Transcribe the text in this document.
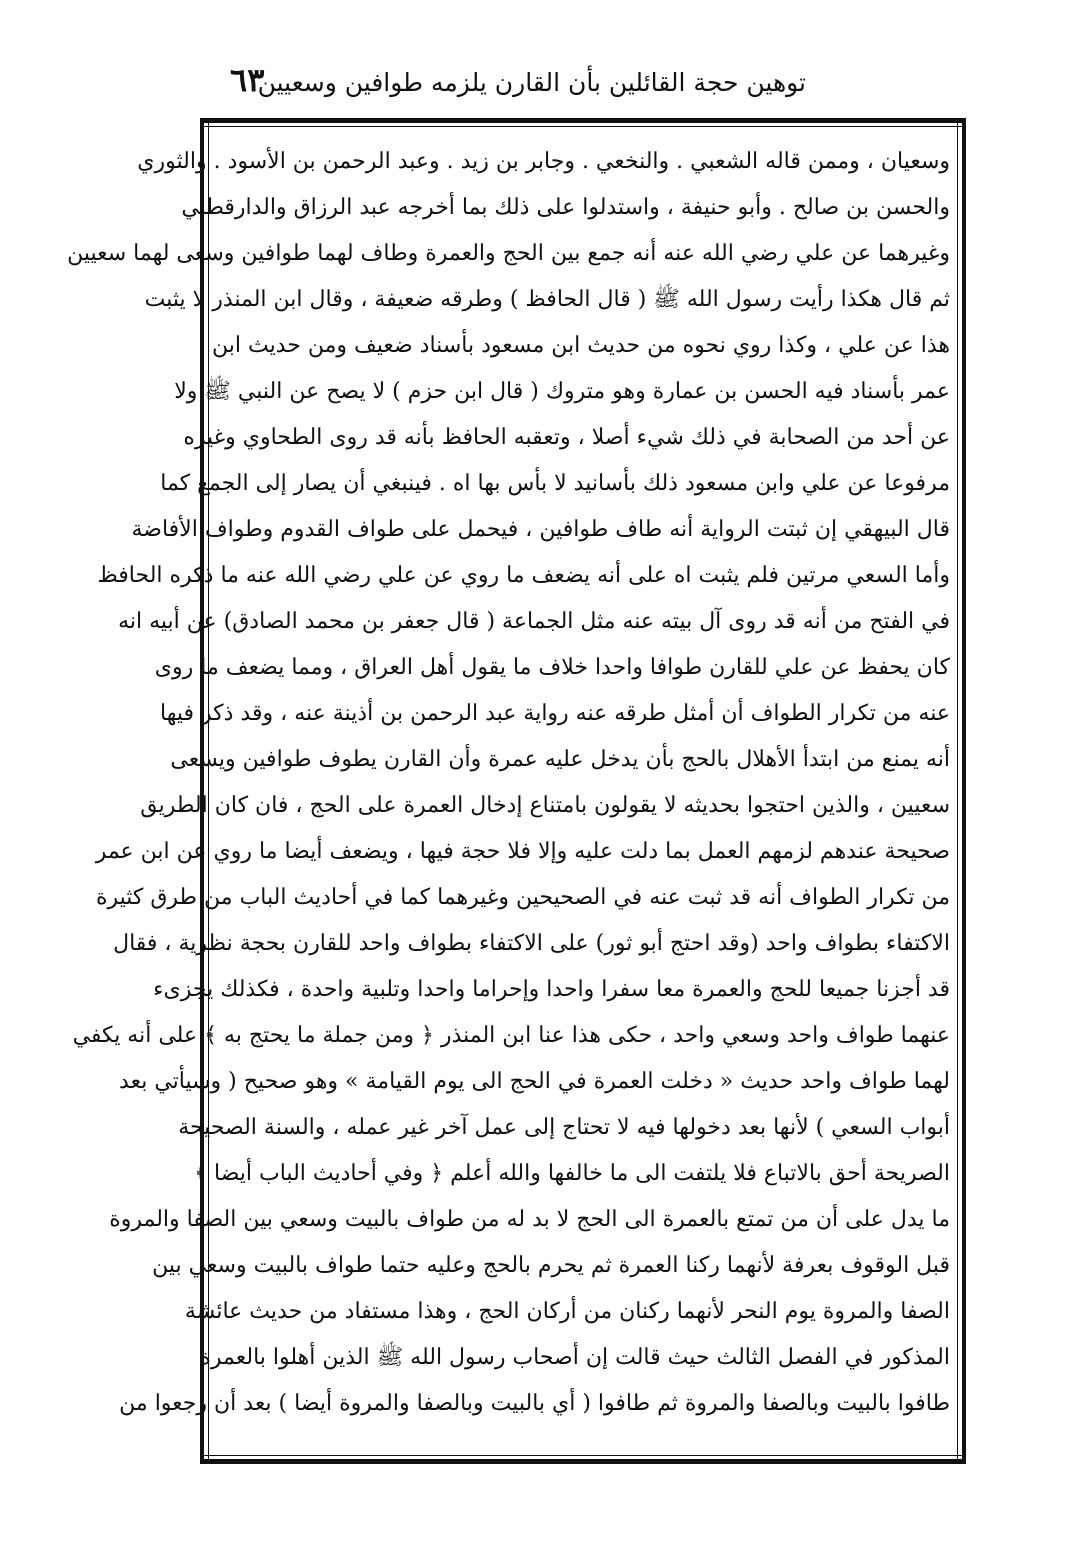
توهين حجة القائلين بأن القارن يلزمه طوافين وسعيين
٦٣
وسعيان ، وممن قاله الشعبي . والنخعي . وجابر بن زيد . وعبد الرحمن بن الأسود . والثوري
والحسن بن صالح . وأبو حنيفة ، واستدلوا على ذلك بما أخرجه عبد الرزاق والدارقطني
وغيرهما عن علي رضي الله عنه أنه جمع بين الحج والعمرة وطاف لهما طوافين وسعى لهما سعيين
ثم قال هكذا رأيت رسول الله ﷺ ( قال الحافظ ) وطرقه ضعيفة ، وقال ابن المنذر لا يثبت
هذا عن علي ، وكذا روي نحوه من حديث ابن مسعود بأسناد ضعيف ومن حديث ابن
عمر بأسناد فيه الحسن بن عمارة وهو متروك ( قال ابن حزم ) لا يصح عن النبي ﷺ ولا
عن أحد من الصحابة في ذلك شيء أصلا ، وتعقبه الحافظ بأنه قد روى الطحاوي وغيره
مرفوعا عن علي وابن مسعود ذلك بأسانيد لا بأس بها اه . فينبغي أن يصار إلى الجمع كما
قال البيهقي إن ثبتت الرواية أنه طاف طوافين ، فيحمل على طواف القدوم وطواف الأفاضة
وأما السعي مرتين فلم يثبت اه على أنه يضعف ما روي عن علي رضي الله عنه ما ذكره الحافظ
في الفتح من أنه قد روى آل بيته عنه مثل الجماعة ( قال جعفر بن محمد الصادق) عن أبيه انه
كان يحفظ عن علي للقارن طوافا واحدا خلاف ما يقول أهل العراق ، ومما يضعف ما روى
عنه من تكرار الطواف أن أمثل طرقه عنه رواية عبد الرحمن بن أذينة عنه ، وقد ذكر فيها
أنه يمنع من ابتدأ الأهلال بالحج بأن يدخل عليه عمرة وأن القارن يطوف طوافين ويسعى
سعيين ، والذين احتجوا بحديثه لا يقولون بامتناع إدخال العمرة على الحج ، فان كان الطريق
صحيحة عندهم لزمهم العمل بما دلت عليه وإلا فلا حجة فيها ، ويضعف أيضا ما روي عن ابن عمر
من تكرار الطواف أنه قد ثبت عنه في الصحيحين وغيرهما كما في أحاديث الباب من طرق كثيرة
الاكتفاء بطواف واحد (وقد احتج أبو ثور) على الاكتفاء بطواف واحد للقارن بحجة نظرية ، فقال
قد أجزنا جميعا للحج والعمرة معا سفرا واحدا وإحراما واحدا وتلبية واحدة ، فكذلك يجزىء
عنهما طواف واحد وسعي واحد ، حكى هذا عنا ابن المنذر ﴿ ومن جملة ما يحتج به ﴾ على أنه يكفي
لهما طواف واحد حديث « دخلت العمرة في الحج الى يوم القيامة » وهو صحيح ( وسيأتي بعد
أبواب السعي ) لأنها بعد دخولها فيه لا تحتاج إلى عمل آخر غير عمله ، والسنة الصحيحة
الصريحة أحق بالاتباع فلا يلتفت الى ما خالفها والله أعلم ﴿ وفي أحاديث الباب أيضا ﴾
ما يدل على أن من تمتع بالعمرة الى الحج لا بد له من طواف بالبيت وسعي بين الصفا والمروة
قبل الوقوف بعرفة لأنهما ركنا العمرة ثم يحرم بالحج وعليه حتما طواف بالبيت وسعي بين
الصفا والمروة يوم النحر لأنهما ركنان من أركان الحج ، وهذا مستفاد من حديث عائشة
المذكور في الفصل الثالث حيث قالت إن أصحاب رسول الله ﷺ الذين أهلوا بالعمرة
طافوا بالبيت وبالصفا والمروة ثم طافوا ( أي بالبيت وبالصفا والمروة أيضا ) بعد أن رجعوا من
